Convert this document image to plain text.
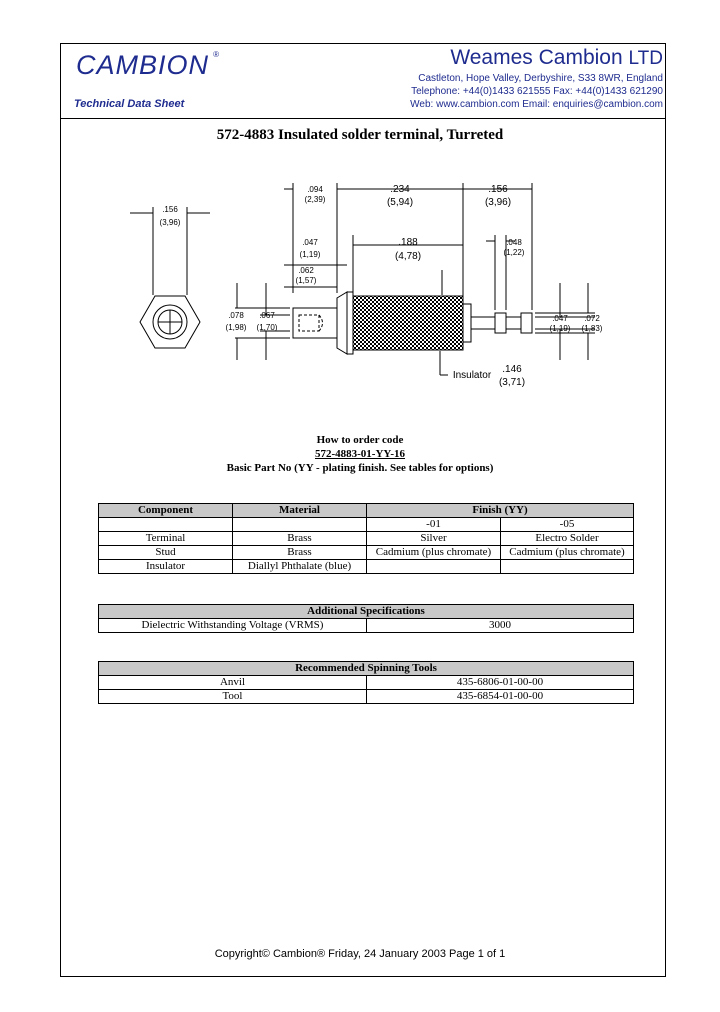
CAMBION ®
Technical Data Sheet
Weames Cambion LTD
Castleton, Hope Valley, Derbyshire, S33 8WR, England
Telephone: +44(0)1433 621555 Fax: +44(0)1433 621290
Web: www.cambion.com Email: enquiries@cambion.com
572-4883 Insulated solder terminal, Turreted
.156
(3,96)
.094
(2,39)
.234
(5,94)
.156
(3,96)
.047
(1,19)
.188
(4,78)
.048
(1,22)
.062
(1,57)
.078
(1,98)
.067
(1,70)
.047
(1,19)
.072
(1,83)
Insulator
.146
(3,71)
How to order code
572-4883-01-YY-16
Basic Part No (YY - plating finish. See tables for options)
Component	Material	Finish (YY)	
		-01	-05
Terminal	Brass	Silver	Electro Solder
Stud	Brass	Cadmium (plus chromate)	Cadmium (plus chromate)
Insulator	Diallyl Phthalate (blue)		
Additional Specifications
Dielectric Withstanding Voltage (VRMS)	3000
Recommended Spinning Tools	
Anvil	435-6806-01-00-00
Tool	435-6854-01-00-00
Copyright© Cambion® Friday, 24 January 2003 Page 1 of 1
